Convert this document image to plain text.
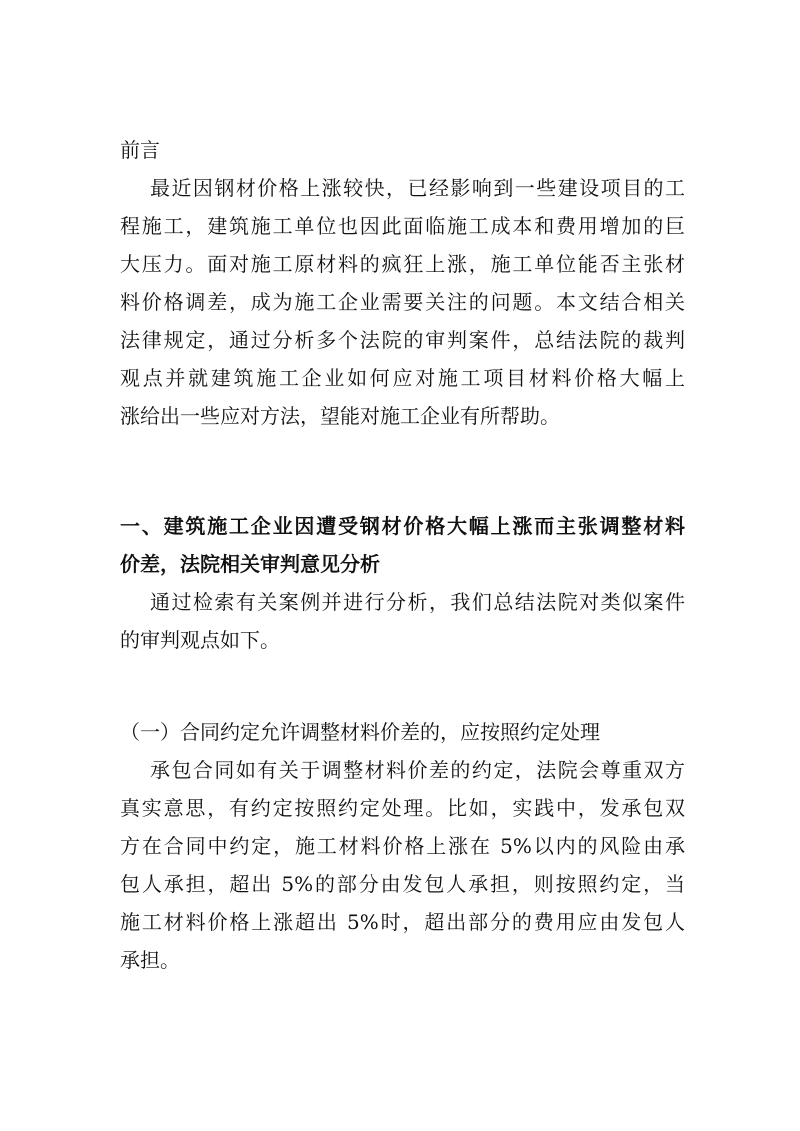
前言
最近因钢材价格上涨较快，已经影响到一些建设项目的工
程施工，建筑施工单位也因此面临施工成本和费用增加的巨
大压力。面对施工原材料的疯狂上涨，施工单位能否主张材
料价格调差，成为施工企业需要关注的问题。本文结合相关
法律规定，通过分析多个法院的审判案件，总结法院的裁判
观点并就建筑施工企业如何应对施工项目材料价格大幅上
涨给出一些应对方法，望能对施工企业有所帮助。
一、建筑施工企业因遭受钢材价格大幅上涨而主张调整材料
价差，法院相关审判意见分析
通过检索有关案例并进行分析，我们总结法院对类似案件
的审判观点如下。
（一）合同约定允许调整材料价差的，应按照约定处理
承包合同如有关于调整材料价差的约定，法院会尊重双方
真实意思，有约定按照约定处理。比如，实践中，发承包双
方在合同中约定，施工材料价格上涨在 5%以内的风险由承
包人承担，超出 5%的部分由发包人承担，则按照约定，当
施工材料价格上涨超出 5%时，超出部分的费用应由发包人
承担。
